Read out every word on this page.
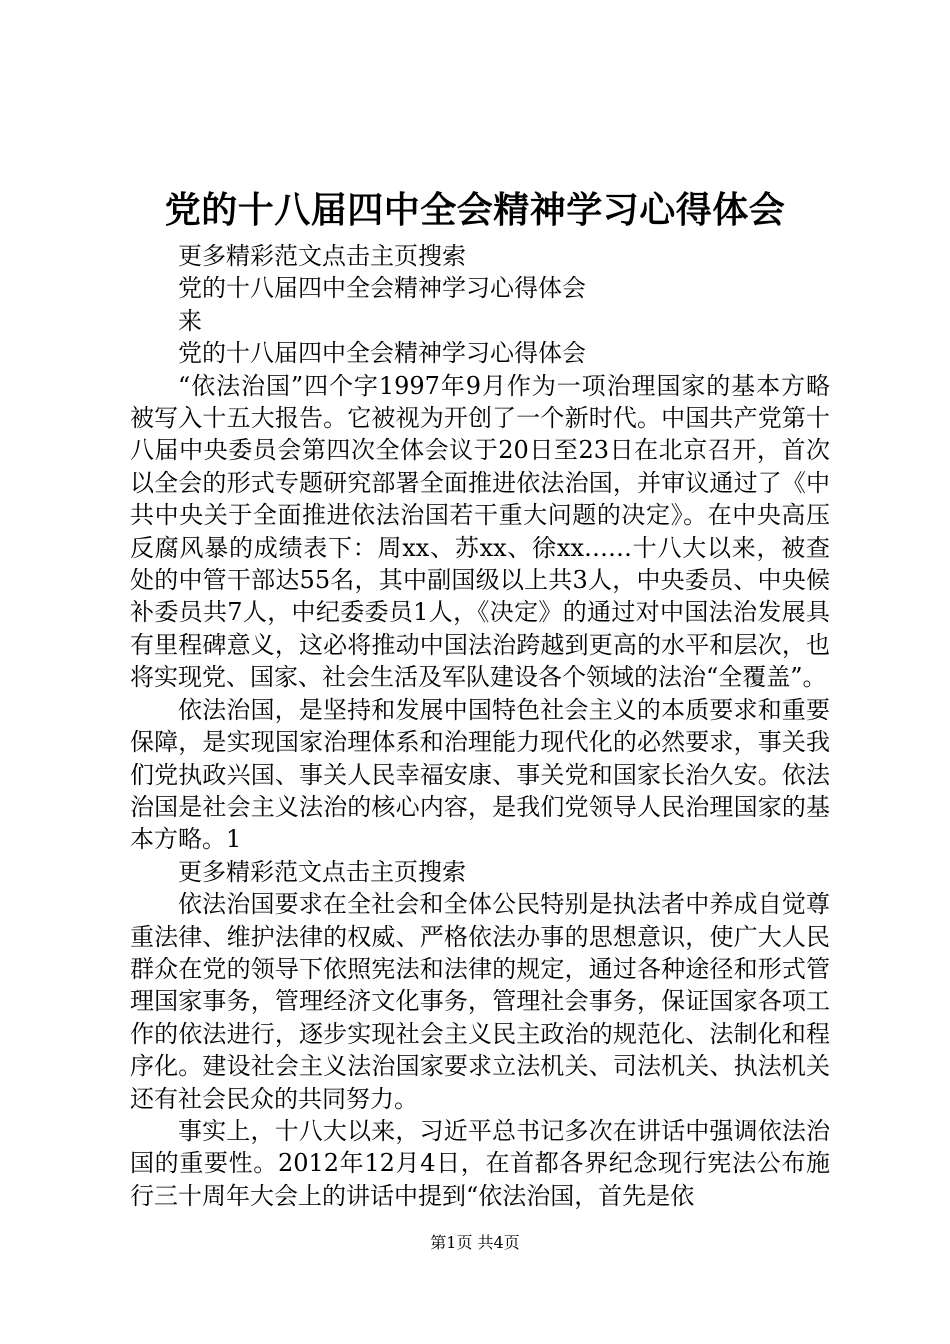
党的十八届四中全会精神学习心得体会

更多精彩范文点击主页搜索

党的十八届四中全会精神学习心得体会

来

党的十八届四中全会精神学习心得体会

“依法治国”四个字1997年9月作为一项治理国家的基本方略被写入十五大报告。它被视为开创了一个新时代。中国共产党第十八届中央委员会第四次全体会议于20日至23日在北京召开，首次以全会的形式专题研究部署全面推进依法治国，并审议通过了《中共中央关于全面推进依法治国若干重大问题的决定》。在中央高压反腐风暴的成绩表下：周xx、苏xx、徐xx……十八大以来，被查处的中管干部达55名，其中副国级以上共3人，中央委员、中央候补委员共7人，中纪委委员1人，《决定》的通过对中国法治发展具有里程碑意义，这必将推动中国法治跨越到更高的水平和层次，也将实现党、国家、社会生活及军队建设各个领域的法治“全覆盖”。

依法治国，是坚持和发展中国特色社会主义的本质要求和重要保障，是实现国家治理体系和治理能力现代化的必然要求，事关我们党执政兴国、事关人民幸福安康、事关党和国家长治久安。依法治国是社会主义法治的核心内容，是我们党领导人民治理国家的基本方略。1

更多精彩范文点击主页搜索

依法治国要求在全社会和全体公民特别是执法者中养成自觉尊重法律、维护法律的权威、严格依法办事的思想意识，使广大人民群众在党的领导下依照宪法和法律的规定，通过各种途径和形式管理国家事务，管理经济文化事务，管理社会事务，保证国家各项工作的依法进行，逐步实现社会主义民主政治的规范化、法制化和程序化。建设社会主义法治国家要求立法机关、司法机关、执法机关还有社会民众的共同努力。

事实上，十八大以来，习近平总书记多次在讲话中强调依法治国的重要性。2012年12月4日，在首都各界纪念现行宪法公布施行三十周年大会上的讲话中提到“依法治国，首先是依

第1页 共4页
